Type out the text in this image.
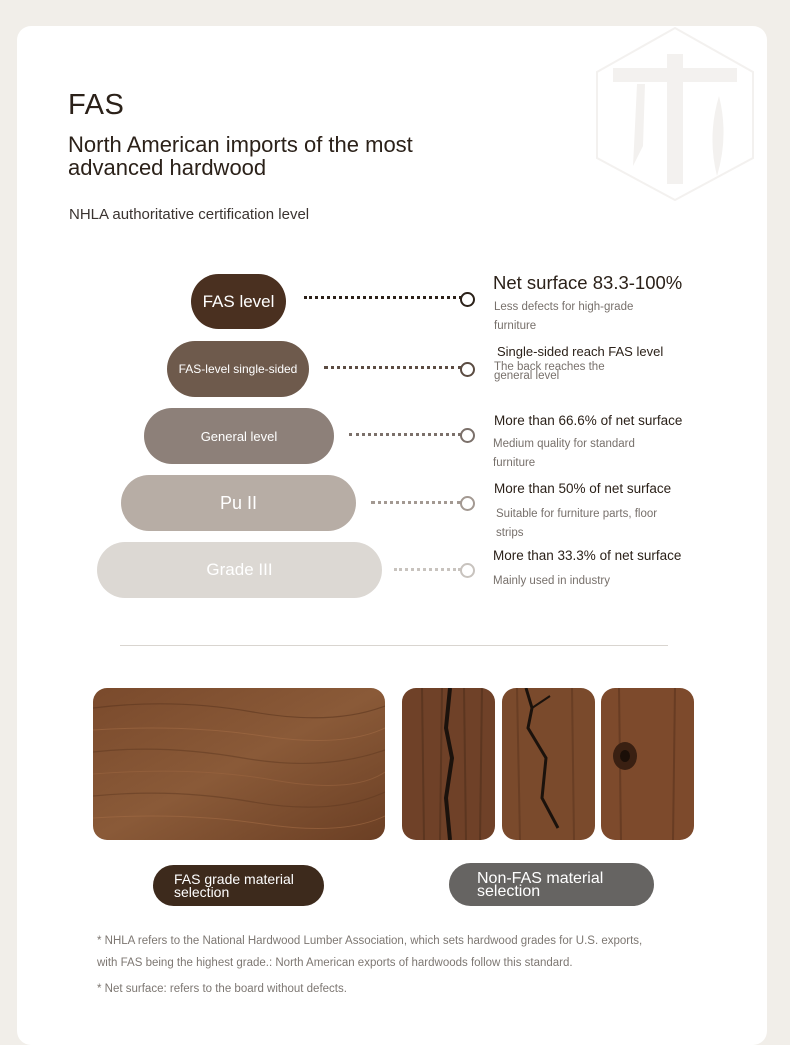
FAS
North American imports of the most advanced hardwood
NHLA authoritative certification level
FAS level
Net surface 83.3-100%
Less defects for high-grade furniture
FAS-level single-sided
Single-sided reach FAS level
The back reaches the general level
General level
More than 66.6% of net surface
Medium quality for standard furniture
Pu II
More than 50% of net surface
Suitable for furniture parts, floor strips
Grade III
More than 33.3% of net surface
Mainly used in industry
FAS grade material selection
Non-FAS material selection
* NHLA refers to the National Hardwood Lumber Association, which sets hardwood grades for U.S. exports, with FAS being the highest grade.: North American exports of hardwoods follow this standard.
* Net surface: refers to the board without defects.
